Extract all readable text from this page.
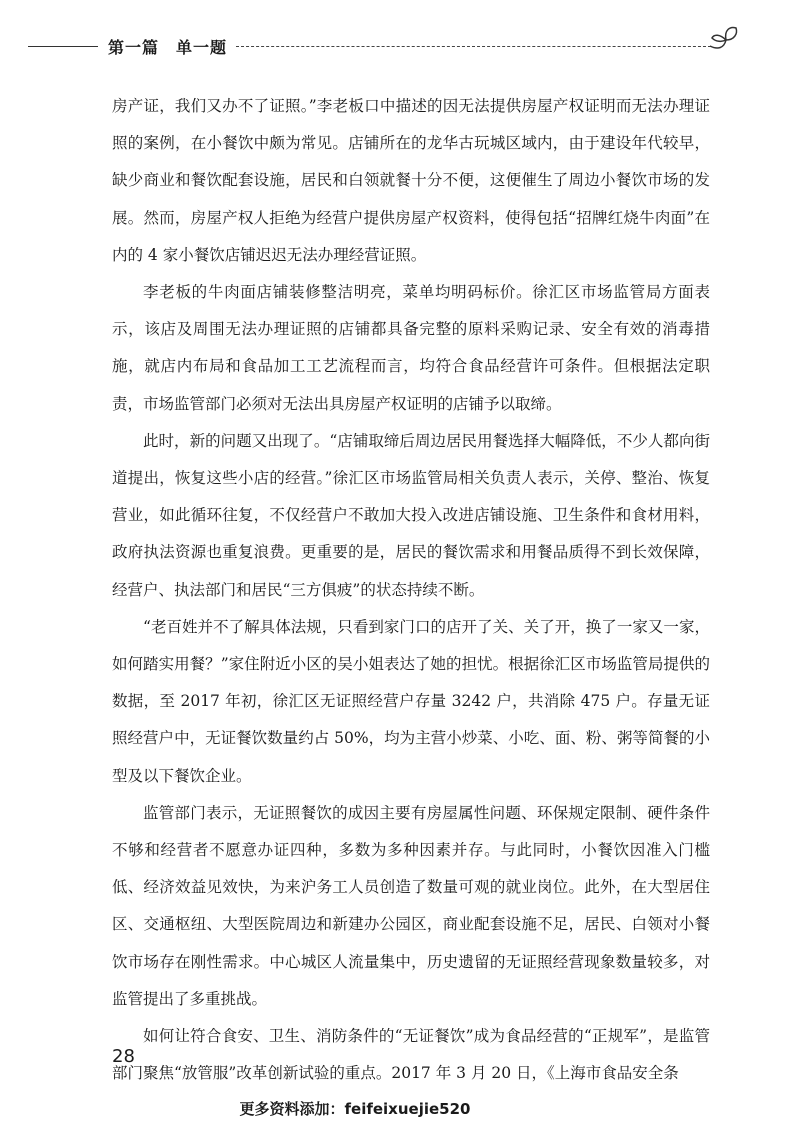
第一篇　单一题

房产证，我们又办不了证照。”李老板口中描述的因无法提供房屋产权证明而无法办理证照的案例，在小餐饮中颇为常见。店铺所在的龙华古玩城区域内，由于建设年代较早，缺少商业和餐饮配套设施，居民和白领就餐十分不便，这便催生了周边小餐饮市场的发展。然而，房屋产权人拒绝为经营户提供房屋产权资料，使得包括“招牌红烧牛肉面”在内的 4 家小餐饮店铺迟迟无法办理经营证照。

李老板的牛肉面店铺装修整洁明亮，菜单均明码标价。徐汇区市场监管局方面表示，该店及周围无法办理证照的店铺都具备完整的原料采购记录、安全有效的消毒措施，就店内布局和食品加工工艺流程而言，均符合食品经营许可条件。但根据法定职责，市场监管部门必须对无法出具房屋产权证明的店铺予以取缔。

此时，新的问题又出现了。“店铺取缔后周边居民用餐选择大幅降低，不少人都向街道提出，恢复这些小店的经营。”徐汇区市场监管局相关负责人表示，关停、整治、恢复营业，如此循环往复，不仅经营户不敢加大投入改进店铺设施、卫生条件和食材用料，政府执法资源也重复浪费。更重要的是，居民的餐饮需求和用餐品质得不到长效保障，经营户、执法部门和居民“三方俱疲”的状态持续不断。

“老百姓并不了解具体法规，只看到家门口的店开了关、关了开，换了一家又一家，如何踏实用餐？”家住附近小区的吴小姐表达了她的担忧。根据徐汇区市场监管局提供的数据，至 2017 年初，徐汇区无证照经营户存量 3242 户，共消除 475 户。存量无证照经营户中，无证餐饮数量约占 50%，均为主营小炒菜、小吃、面、粉、粥等简餐的小型及以下餐饮企业。

监管部门表示，无证照餐饮的成因主要有房屋属性问题、环保规定限制、硬件条件不够和经营者不愿意办证四种，多数为多种因素并存。与此同时，小餐饮因准入门槛低、经济效益见效快，为来沪务工人员创造了数量可观的就业岗位。此外，在大型居住区、交通枢纽、大型医院周边和新建办公园区，商业配套设施不足，居民、白领对小餐饮市场存在刚性需求。中心城区人流量集中，历史遗留的无证照经营现象数量较多，对监管提出了多重挑战。

如何让符合食安、卫生、消防条件的“无证餐饮”成为食品经营的“正规军”，是监管部门聚焦“放管服”改革创新试验的重点。2017 年 3 月 20 日，《上海市食品安全条

28
更多资料添加：feifeixuejie520
